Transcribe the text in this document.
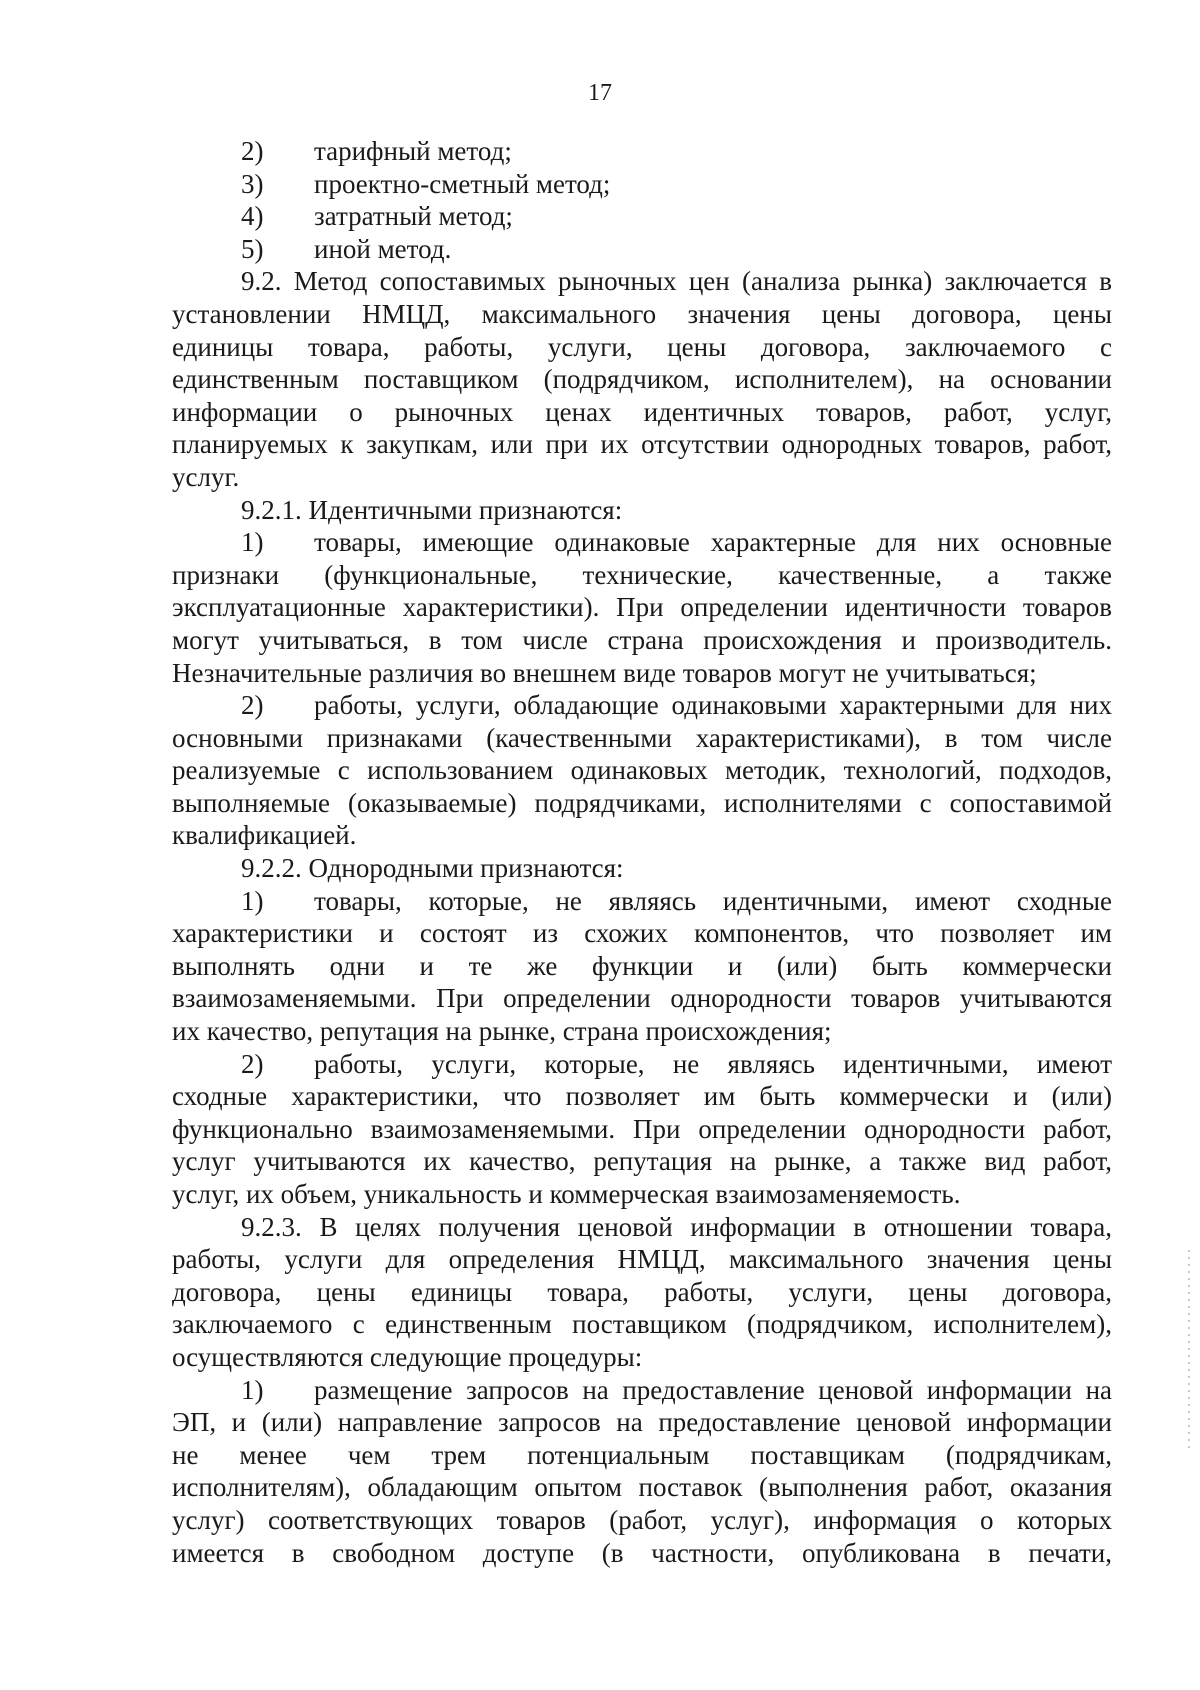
17
2) тарифный метод;
3) проектно-сметный метод;
4) затратный метод;
5) иной метод.
9.2. Метод сопоставимых рыночных цен (анализа рынка) заключается в
установлении НМЦД, максимального значения цены договора, цены
единицы товара, работы, услуги, цены договора, заключаемого с
единственным поставщиком (подрядчиком, исполнителем), на основании
информации о рыночных ценах идентичных товаров, работ, услуг,
планируемых к закупкам, или при их отсутствии однородных товаров, работ,
услуг.
9.2.1. Идентичными признаются:
1) товары, имеющие одинаковые характерные для них основные
признаки (функциональные, технические, качественные, а также
эксплуатационные характеристики). При определении идентичности товаров
могут учитываться, в том числе страна происхождения и производитель.
Незначительные различия во внешнем виде товаров могут не учитываться;
2) работы, услуги, обладающие одинаковыми характерными для них
основными признаками (качественными характеристиками), в том числе
реализуемые с использованием одинаковых методик, технологий, подходов,
выполняемые (оказываемые) подрядчиками, исполнителями с сопоставимой
квалификацией.
9.2.2. Однородными признаются:
1) товары, которые, не являясь идентичными, имеют сходные
характеристики и состоят из схожих компонентов, что позволяет им
выполнять одни и те же функции и (или) быть коммерчески
взаимозаменяемыми. При определении однородности товаров учитываются
их качество, репутация на рынке, страна происхождения;
2) работы, услуги, которые, не являясь идентичными, имеют
сходные характеристики, что позволяет им быть коммерчески и (или)
функционально взаимозаменяемыми. При определении однородности работ,
услуг учитываются их качество, репутация на рынке, а также вид работ,
услуг, их объем, уникальность и коммерческая взаимозаменяемость.
9.2.3. В целях получения ценовой информации в отношении товара,
работы, услуги для определения НМЦД, максимального значения цены
договора, цены единицы товара, работы, услуги, цены договора,
заключаемого с единственным поставщиком (подрядчиком, исполнителем),
осуществляются следующие процедуры:
1) размещение запросов на предоставление ценовой информации на
ЭП, и (или) направление запросов на предоставление ценовой информации
не менее чем трем потенциальным поставщикам (подрядчикам,
исполнителям), обладающим опытом поставок (выполнения работ, оказания
услуг) соответствующих товаров (работ, услуг), информация о которых
имеется в свободном доступе (в частности, опубликована в печати,
